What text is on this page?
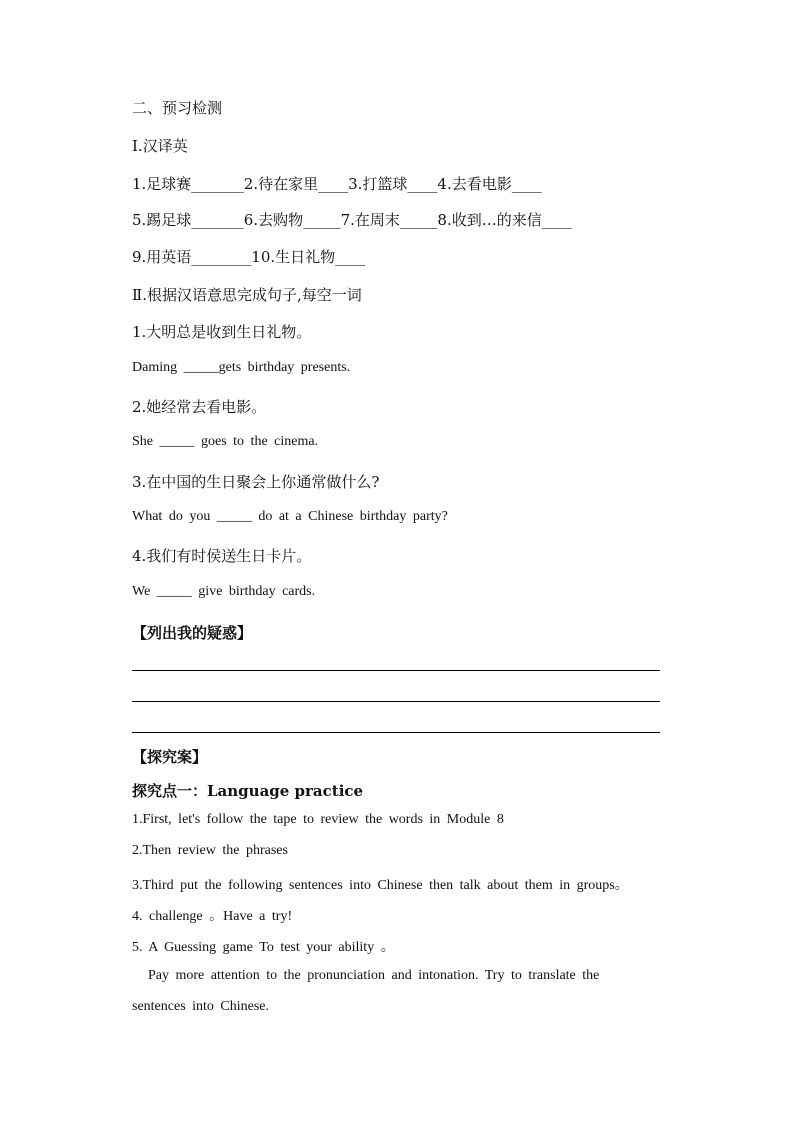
二、预习检测
Ⅰ.汉译英
1.足球赛_______2.待在家里____3.打篮球____4.去看电影____
5.踢足球_______6.去购物_____7.在周末_____8.收到…的来信____
9.用英语________10.生日礼物____
Ⅱ.根据汉语意思完成句子,每空一词
1.大明总是收到生日礼物。
Daming _____gets birthday presents.
2.她经常去看电影。
She _____ goes to the cinema.
3.在中国的生日聚会上你通常做什么?
What do you _____ do at a Chinese birthday party?
4.我们有时侯送生日卡片。
We _____ give birthday cards.
【列出我的疑惑】
【探究案】
探究点一：Language practice
1.First, let's follow the tape to review the words in Module 8
2.Then review the phrases
3.Third put the following sentences into Chinese then talk about them in groups。
4. challenge 。Have a try!
5. A Guessing game To test your ability 。
Pay more attention to the pronunciation and intonation. Try to translate the
sentences into Chinese.
